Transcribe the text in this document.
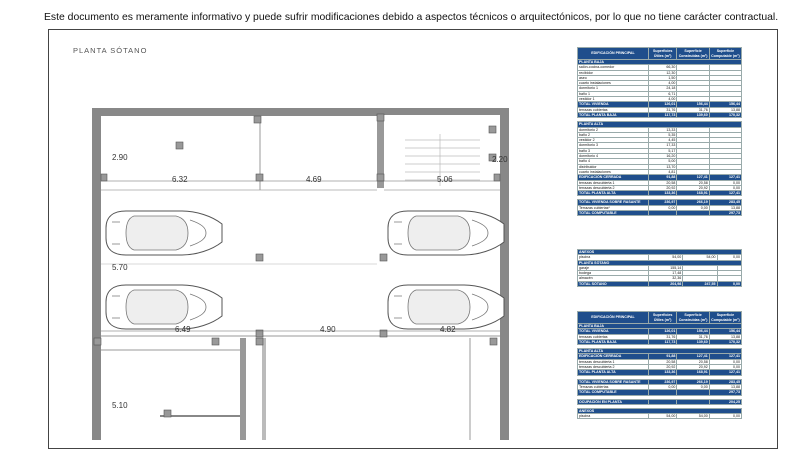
Este documento es meramente informativo y puede sufrir modificaciones debido a aspectos técnicos o arquitectónicos, por lo que no tiene carácter contractual.
PLANTA SÓTANO
2.90
6.32	4.69	5.06
2.20
5.70
6.49	4.90	4.82
5.10
EDIFICACIÓN PRINCIPAL	Superficies Útiles (m²)	Superficie Construidas (m²)	Superficie Computable (m²)
PLANTA BAJA			
salón-cocina-comedor	66,30		
recibidor	12,30		
aseo	1,50		
cuarto instalaciones	4,00		
dormitorio 1	24,18		
baño 1	6,71		
vestidor 1	4,00		
TOTAL VIVIENDA	126,01	156,44	156,44
terrazas cubiertas	31,76	31,76	13,88
TOTAL PLANTA BAJA	117,73	139,60	170,32

PLANTA ALTA			
dormitorio 2	13,33		
baño 2	5,35		
vestidor 2	4,45		
dormitorio 3	17,33		
baño 3	5,17		
dormitorio 4	16,20		
baño 4	5,00		
distribuidor	13,70		
cuarto instalaciones	4,81		
EDIFICACIÓN CERRADA	91,88	127,41	127,41
terrazas descubierta 1	20,58	20,58	0,00
terrazas descubierta 2	20,92	20,92	0,00
TOTAL PLANTA ALTA	133,36	168,91	127,41

TOTAL VIVIENDA SOBRE RASANTE	236,97	266,19	283,45
Terrazas cubiertas*	0,00	0,00	13,88
TOTAL COMPUTABLE			297,73
ANEXOS			
piscina	54,00	54,00	0,00
PLANTA SÓTANO			
garaje	155,14		
bodega	17,48		
almacén	32,36		
TOTAL SÓTANO	204,98	247,55	0,00
EDIFICACIÓN PRINCIPAL	Superficies Útiles (m²)	Superficie Construidas (m²)	Superficie Computable (m²)
PLANTA BAJA			
TOTAL VIVIENDA	126,01	156,44	156,44
terrazas cubiertas	31,76	31,76	13,88
TOTAL PLANTA BAJA	117,73	139,60	170,32

PLANTA ALTA			
EDIFICACIÓN CERRADA	91,88	127,41	127,41
terrazas descubierta 1	20,58	20,58	0,00
terrazas descubierta 2	20,92	20,92	0,00
TOTAL PLANTA ALTA	133,36	168,91	127,41

TOTAL VIVIENDA SOBRE RASANTE	236,97	266,19	283,45
Terrazas cubiertas	0,00	0,00	13,88
TOTAL COMPUTABLE			297,73

OCUPACIÓN EN PLANTA			204,25

ANEXOS			
piscina	54,00	54,00	0,00
